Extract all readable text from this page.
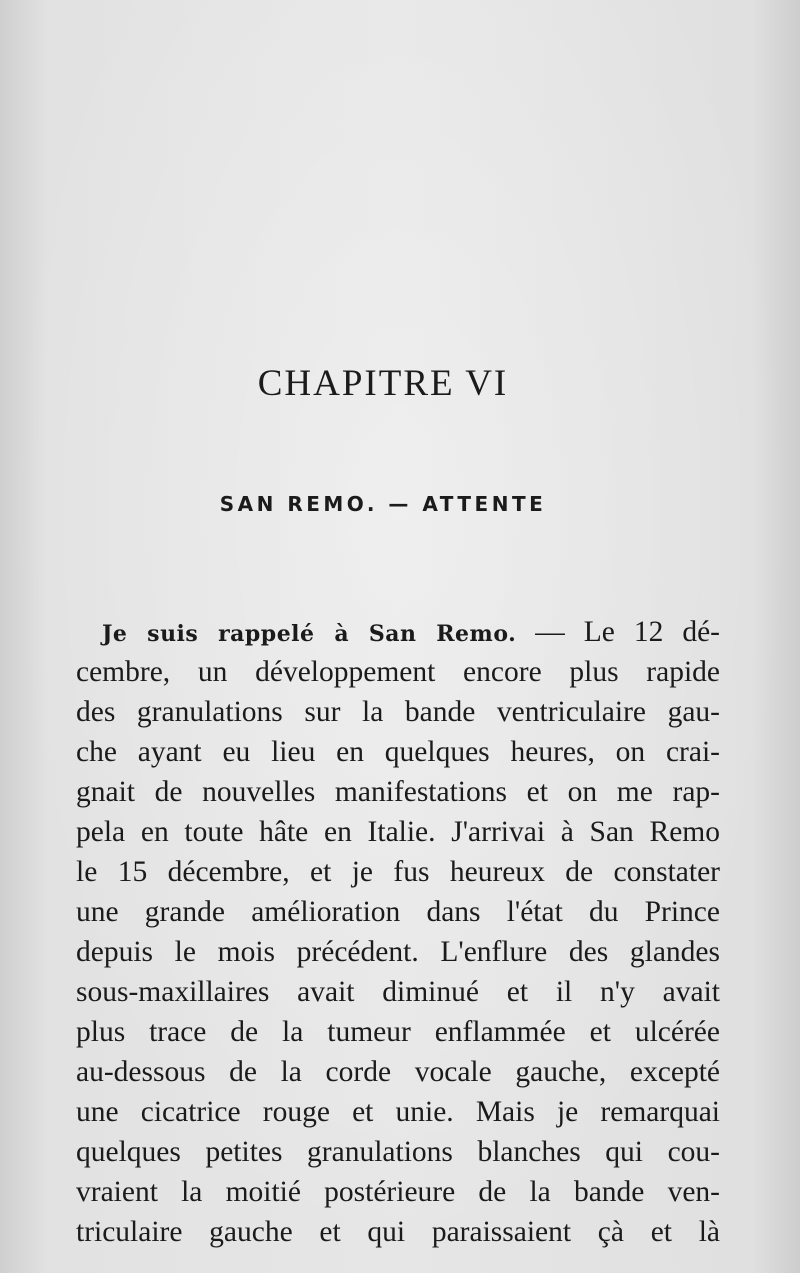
CHAPITRE VI
SAN REMO. — ATTENTE
Je suis rappelé à San Remo. — Le 12 dé-
cembre, un développement encore plus rapide
des granulations sur la bande ventriculaire gau-
che ayant eu lieu en quelques heures, on crai-
gnait de nouvelles manifestations et on me rap-
pela en toute hâte en Italie. J'arrivai à San Remo
le 15 décembre, et je fus heureux de constater
une grande amélioration dans l'état du Prince
depuis le mois précédent. L'enflure des glandes
sous-maxillaires avait diminué et il n'y avait
plus trace de la tumeur enflammée et ulcérée
au-dessous de la corde vocale gauche, excepté
une cicatrice rouge et unie. Mais je remarquai
quelques petites granulations blanches qui cou-
vraient la moitié postérieure de la bande ven-
triculaire gauche et qui paraissaient çà et là
